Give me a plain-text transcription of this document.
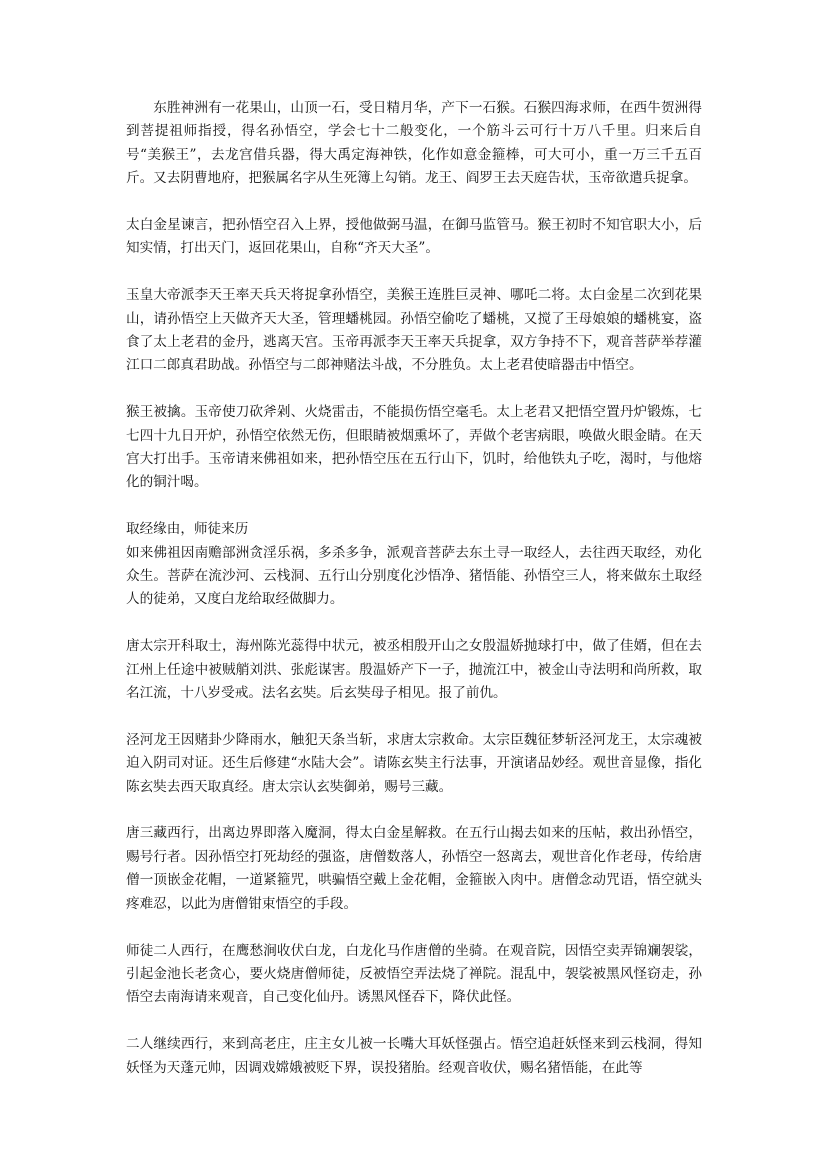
东胜神洲有一花果山，山顶一石，受日精月华，产下一石猴。石猴四海求师，在西牛贺洲得到菩提祖师指授，得名孙悟空，学会七十二般变化，一个筋斗云可行十万八千里。归来后自号“美猴王”，去龙宫借兵器，得大禹定海神铁，化作如意金箍棒，可大可小，重一万三千五百斤。又去阴曹地府，把猴属名字从生死簿上勾销。龙王、阎罗王去天庭告状，玉帝欲遣兵捉拿。

太白金星谏言，把孙悟空召入上界，授他做弼马温，在御马监管马。猴王初时不知官职大小，后知实情，打出天门，返回花果山，自称“齐天大圣”。

玉皇大帝派李天王率天兵天将捉拿孙悟空，美猴王连胜巨灵神、哪吒二将。太白金星二次到花果山，请孙悟空上天做齐天大圣，管理蟠桃园。孙悟空偷吃了蟠桃，又搅了王母娘娘的蟠桃宴，盗食了太上老君的金丹，逃离天宫。玉帝再派李天王率天兵捉拿，双方争持不下，观音菩萨举荐灌江口二郎真君助战。孙悟空与二郎神赌法斗战，不分胜负。太上老君使暗器击中悟空。

猴王被擒。玉帝使刀砍斧剁、火烧雷击，不能损伤悟空毫毛。太上老君又把悟空置丹炉锻炼，七七四十九日开炉，孙悟空依然无伤，但眼睛被烟熏坏了，弄做个老害病眼，唤做火眼金睛。在天宫大打出手。玉帝请来佛祖如来，把孙悟空压在五行山下，饥时，给他铁丸子吃，渴时，与他熔化的铜汁喝。

取经缘由，师徒来历

如来佛祖因南赡部洲贪淫乐祸，多杀多争，派观音菩萨去东土寻一取经人，去往西天取经，劝化众生。菩萨在流沙河、云栈洞、五行山分别度化沙悟净、猪悟能、孙悟空三人，将来做东土取经人的徒弟，又度白龙给取经做脚力。

唐太宗开科取士，海州陈光蕊得中状元，被丞相殷开山之女殷温娇抛球打中，做了佳婿，但在去江州上任途中被贼艄刘洪、张彪谋害。殷温娇产下一子，抛流江中，被金山寺法明和尚所救，取名江流，十八岁受戒。法名玄奘。后玄奘母子相见。报了前仇。

泾河龙王因赌卦少降雨水，触犯天条当斩，求唐太宗救命。太宗臣魏征梦斩泾河龙王，太宗魂被迫入阴司对证。还生后修建“水陆大会”。请陈玄奘主行法事，开演诸品妙经。观世音显像，指化陈玄奘去西天取真经。唐太宗认玄奘御弟，赐号三藏。

唐三藏西行，出离边界即落入魔洞，得太白金星解救。在五行山揭去如来的压帖，救出孙悟空，赐号行者。因孙悟空打死劫经的强盗，唐僧数落人，孙悟空一怒离去，观世音化作老母，传给唐僧一顶嵌金花帽，一道紧箍咒，哄骗悟空戴上金花帽，金箍嵌入肉中。唐僧念动咒语，悟空就头疼难忍，以此为唐僧钳束悟空的手段。

师徒二人西行，在鹰愁涧收伏白龙，白龙化马作唐僧的坐骑。在观音院，因悟空卖弄锦斓袈裟，引起金池长老贪心，要火烧唐僧师徒，反被悟空弄法烧了禅院。混乱中，袈裟被黑风怪窃走，孙悟空去南海请来观音，自己变化仙丹。诱黑风怪吞下，降伏此怪。

二人继续西行，来到高老庄，庄主女儿被一长嘴大耳妖怪强占。悟空追赶妖怪来到云栈洞，得知妖怪为天蓬元帅，因调戏嫦娥被贬下界，误投猪胎。经观音收伏，赐名猪悟能，在此等
